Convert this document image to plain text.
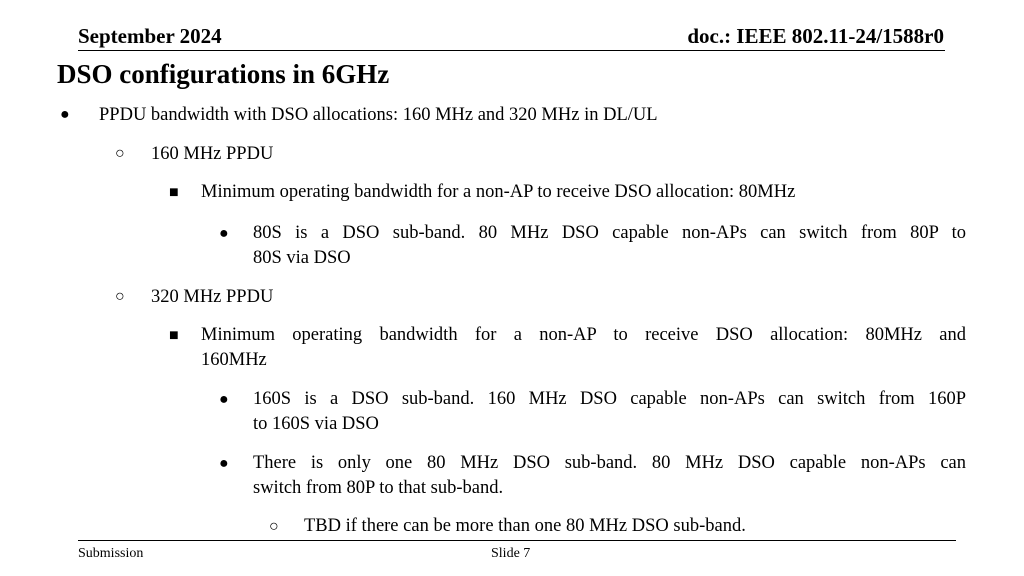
September 2024	doc.: IEEE 802.11-24/1588r0
DSO configurations in 6GHz
● PPDU bandwidth with DSO allocations: 160 MHz and 320 MHz in DL/UL
○ 160 MHz PPDU
■ Minimum operating bandwidth for a non-AP to receive DSO allocation: 80MHz
● 80S is a DSO sub-band. 80 MHz DSO capable non-APs can switch from 80P to
80S via DSO
○ 320 MHz PPDU
■ Minimum operating bandwidth for a non-AP to receive DSO allocation: 80MHz and
160MHz
● 160S is a DSO sub-band. 160 MHz DSO capable non-APs can switch from 160P
to 160S via DSO
● There is only one 80 MHz DSO sub-band. 80 MHz DSO capable non-APs can
switch from 80P to that sub-band.
○ TBD if there can be more than one 80 MHz DSO sub-band.
Submission	Slide 7
